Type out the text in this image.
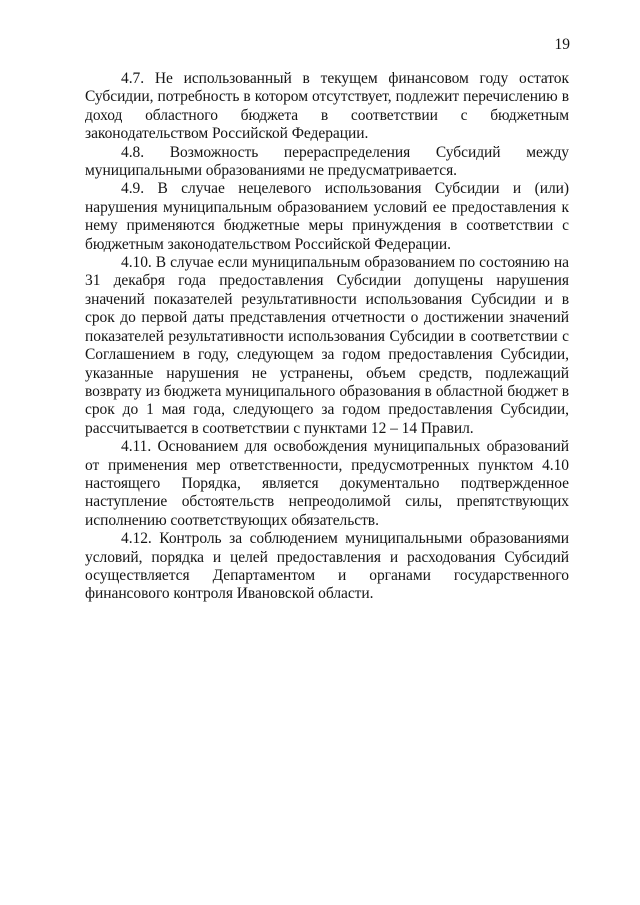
19

4.7. Не использованный в текущем финансовом году остаток Субсидии, потребность в котором отсутствует, подлежит перечислению в доход областного бюджета в соответствии с бюджетным законодательством Российской Федерации.

4.8. Возможность перераспределения Субсидий между муниципальными образованиями не предусматривается.

4.9. В случае нецелевого использования Субсидии и (или) нарушения муниципальным образованием условий ее предоставления к нему применяются бюджетные меры принуждения в соответствии с бюджетным законодательством Российской Федерации.

4.10. В случае если муниципальным образованием по состоянию на 31 декабря года предоставления Субсидии допущены нарушения значений показателей результативности использования Субсидии и в срок до первой даты представления отчетности о достижении значений показателей результативности использования Субсидии в соответствии с Соглашением в году, следующем за годом предоставления Субсидии, указанные нарушения не устранены, объем средств, подлежащий возврату из бюджета муниципального образования в областной бюджет в срок до 1 мая года, следующего за годом предоставления Субсидии, рассчитывается в соответствии с пунктами 12 – 14 Правил.

4.11. Основанием для освобождения муниципальных образований от применения мер ответственности, предусмотренных пунктом 4.10 настоящего Порядка, является документально подтвержденное наступление обстоятельств непреодолимой силы, препятствующих исполнению соответствующих обязательств.

4.12. Контроль за соблюдением муниципальными образованиями условий, порядка и целей предоставления и расходования Субсидий осуществляется Департаментом и органами государственного финансового контроля Ивановской области.
